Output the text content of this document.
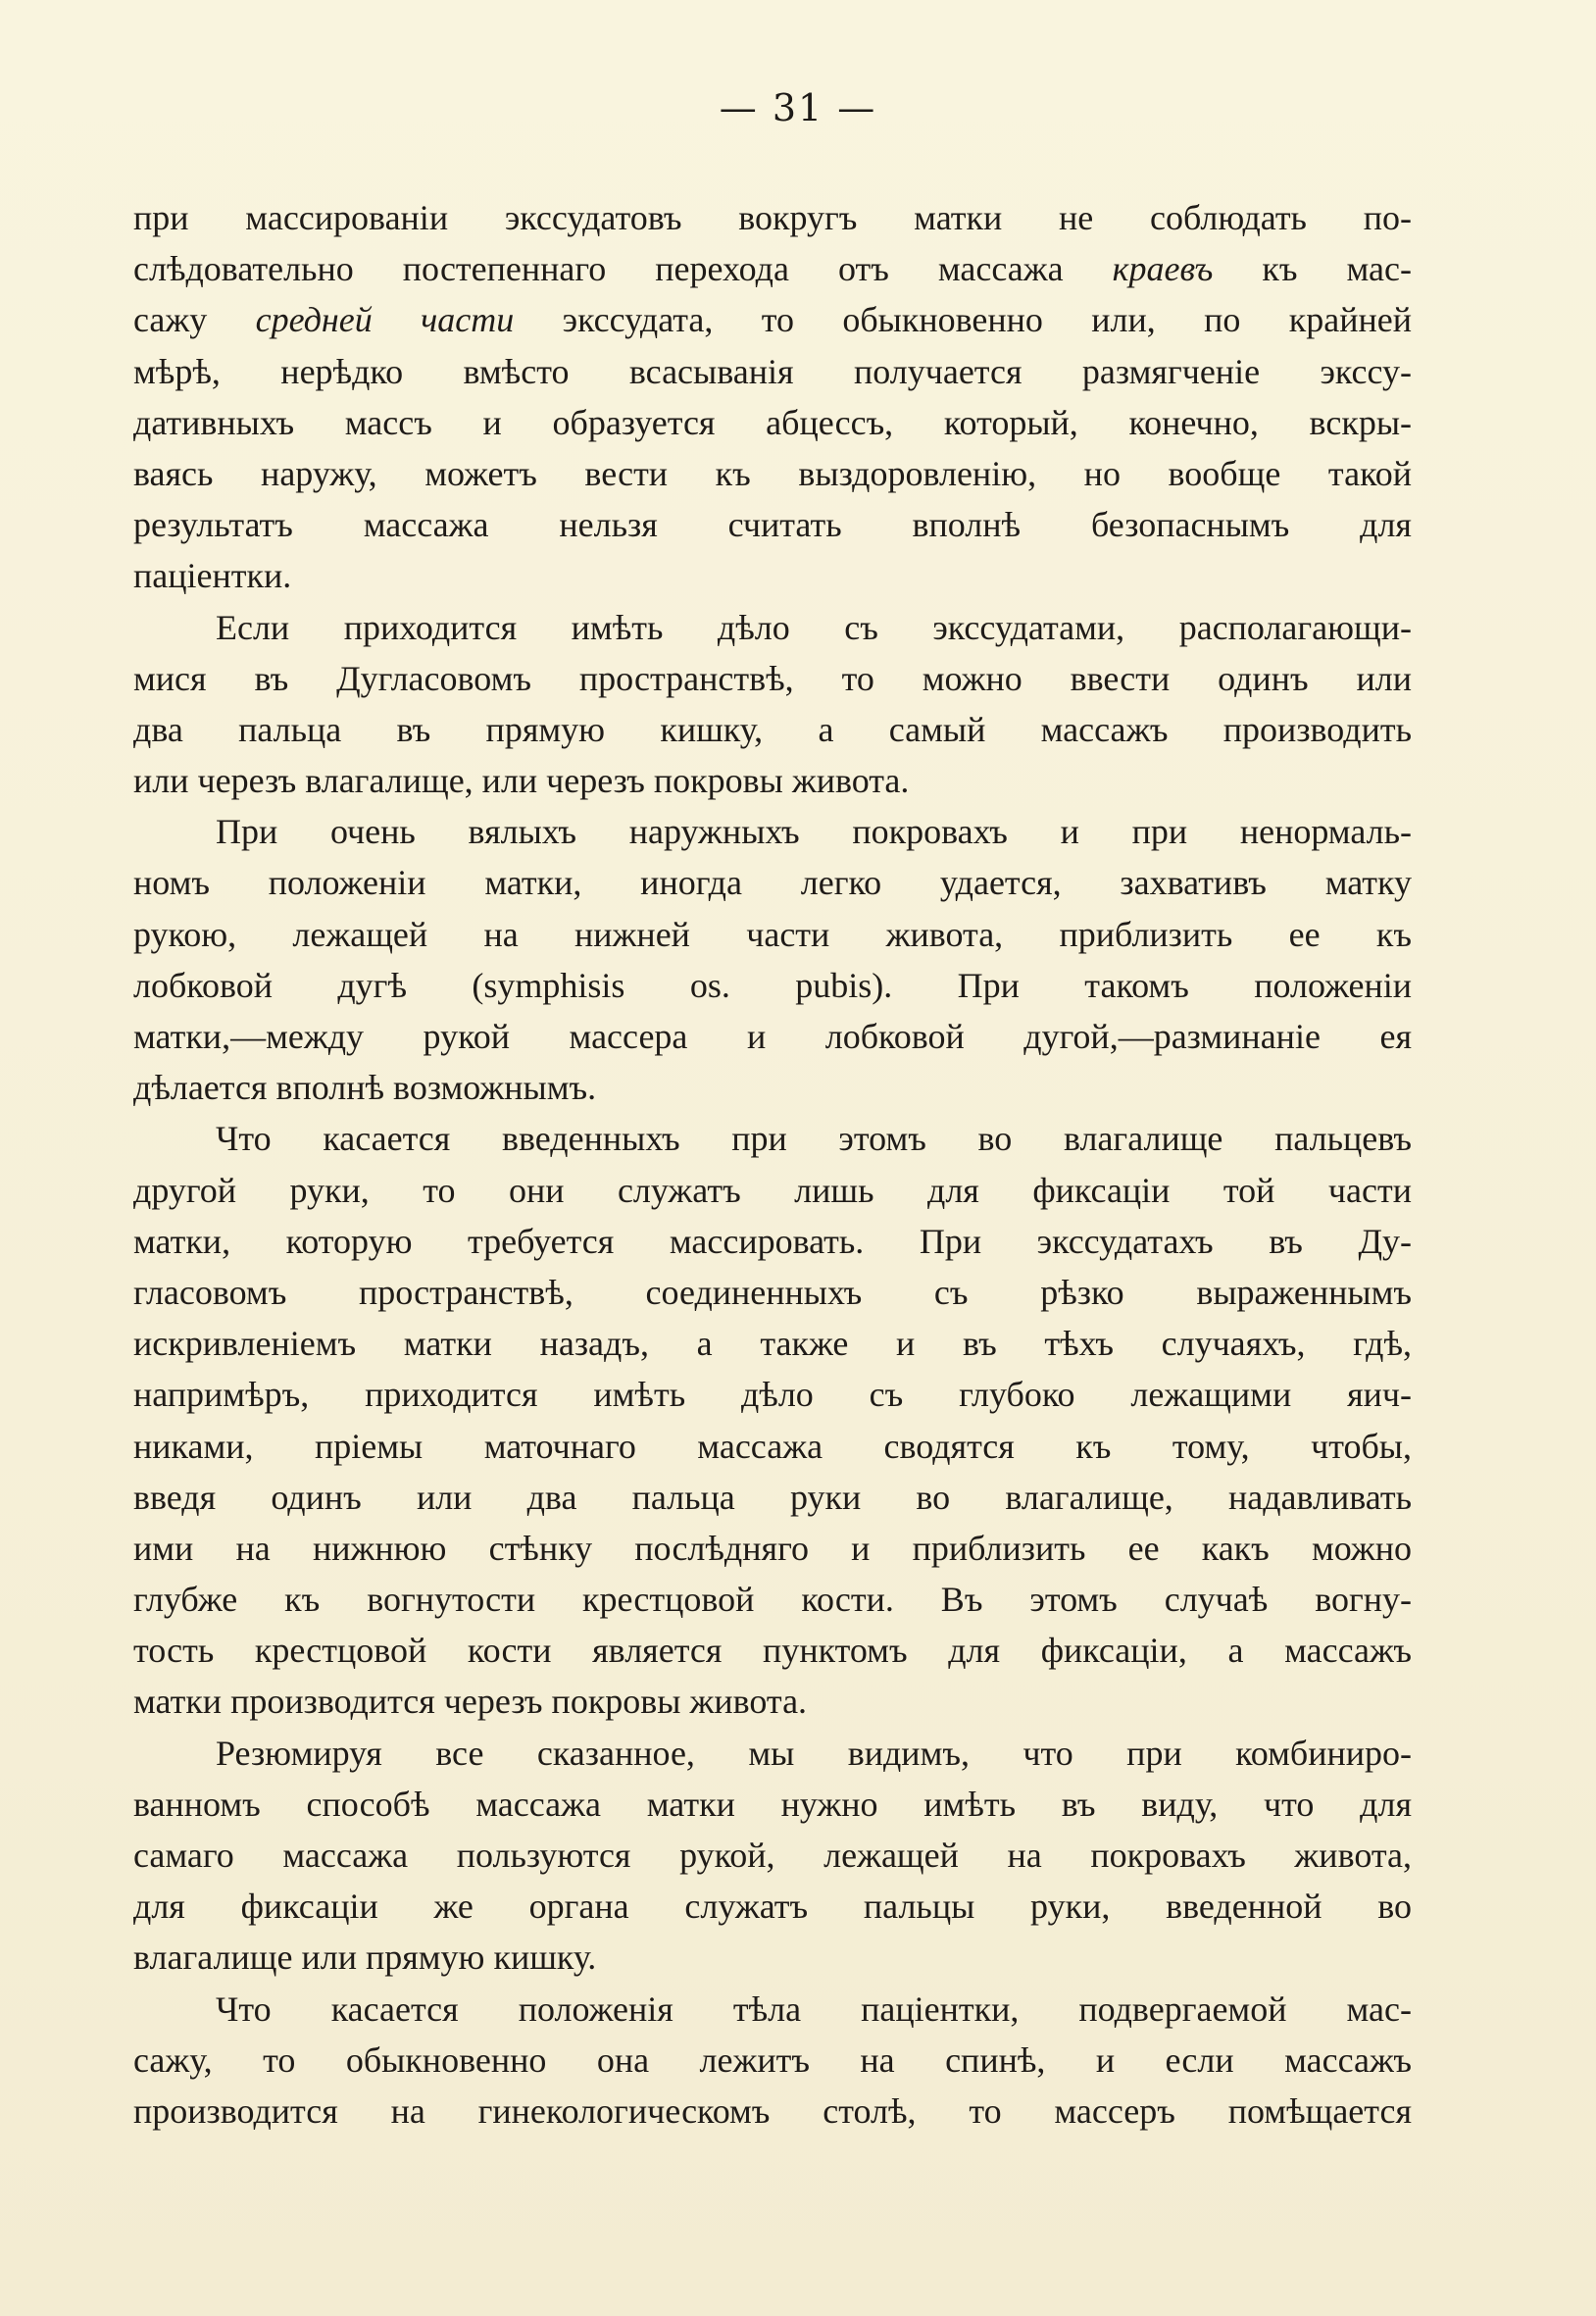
— 31 —
при массированіи экссудатовъ вокругъ матки не соблюдать по-
слѣдовательно постепеннаго перехода отъ массажа краевъ къ мас-
сажу средней части экссудата, то обыкновенно или, по крайней
мѣрѣ, нерѣдко вмѣсто всасыванія получается размягченіе экссу-
дативныхъ массъ и образуется абцессъ, который, конечно, вскры-
ваясь наружу, можетъ вести къ выздоровленію, но вообще такой
результатъ массажа нельзя считать вполнѣ безопаснымъ для
паціентки.
Если приходится имѣть дѣло съ экссудатами, располагающи-
мися въ Дугласовомъ пространствѣ, то можно ввести одинъ или
два пальца въ прямую кишку, а самый массажъ производить
или черезъ влагалище, или черезъ покровы живота.
При очень вялыхъ наружныхъ покровахъ и при ненормаль-
номъ положеніи матки, иногда легко удается, захвативъ матку
рукою, лежащей на нижней части живота, приблизить ее къ
лобковой дугѣ (symphisis os. pubis). При такомъ положеніи
матки,—между рукой массера и лобковой дугой,—разминаніе ея
дѣлается вполнѣ возможнымъ.
Что касается введенныхъ при этомъ во влагалище пальцевъ
другой руки, то они служатъ лишь для фиксаціи той части
матки, которую требуется массировать. При экссудатахъ въ Ду-
гласовомъ пространствѣ, соединенныхъ съ рѣзко выраженнымъ
искривленіемъ матки назадъ, а также и въ тѣхъ случаяхъ, гдѣ,
напримѣръ, приходится имѣть дѣло съ глубоко лежащими яич-
никами, пріемы маточнаго массажа сводятся къ тому, чтобы,
введя одинъ или два пальца руки во влагалище, надавливать
ими на нижнюю стѣнку послѣдняго и приблизить ее какъ можно
глубже къ вогнутости крестцовой кости. Въ этомъ случаѣ вогну-
тость крестцовой кости является пунктомъ для фиксаціи, а массажъ
матки производится черезъ покровы живота.
Резюмируя все сказанное, мы видимъ, что при комбиниро-
ванномъ способѣ массажа матки нужно имѣть въ виду, что для
самаго массажа пользуются рукой, лежащей на покровахъ живота,
для фиксаціи же органа служатъ пальцы руки, введенной во
влагалище или прямую кишку.
Что касается положенія тѣла паціентки, подвергаемой мас-
сажу, то обыкновенно она лежитъ на спинѣ, и если массажъ
производится на гинекологическомъ столѣ, то массеръ помѣщается
